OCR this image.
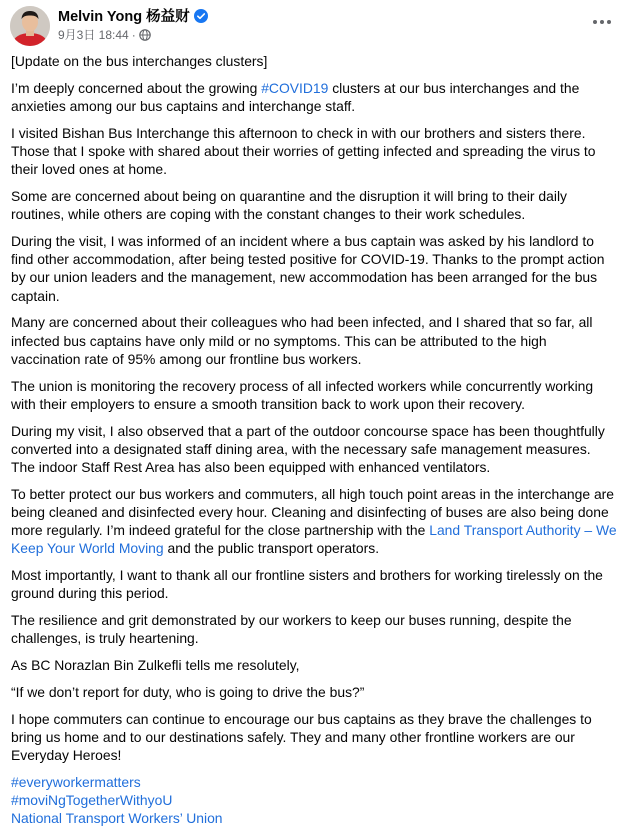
Melvin Yong 杨益财
9月3日 18:44 ·

[Update on the bus interchanges clusters]

I’m deeply concerned about the growing #COVID19 clusters at our bus interchanges and the anxieties among our bus captains and interchange staff.

I visited Bishan Bus Interchange this afternoon to check in with our brothers and sisters there. Those that I spoke with shared about their worries of getting infected and spreading the virus to their loved ones at home.

Some are concerned about being on quarantine and the disruption it will bring to their daily routines, while others are coping with the constant changes to their work schedules.

During the visit, I was informed of an incident where a bus captain was asked by his landlord to find other accommodation, after being tested positive for COVID-19. Thanks to the prompt action by our union leaders and the management, new accommodation has been arranged for the bus captain.

Many are concerned about their colleagues who had been infected, and I shared that so far, all infected bus captains have only mild or no symptoms. This can be attributed to the high vaccination rate of 95% among our frontline bus workers.

The union is monitoring the recovery process of all infected workers while concurrently working with their employers to ensure a smooth transition back to work upon their recovery.

During my visit, I also observed that a part of the outdoor concourse space has been thoughtfully converted into a designated staff dining area, with the necessary safe management measures. The indoor Staff Rest Area has also been equipped with enhanced ventilators.

To better protect our bus workers and commuters, all high touch point areas in the interchange are being cleaned and disinfected every hour. Cleaning and disinfecting of buses are also being done more regularly. I’m indeed grateful for the close partnership with the Land Transport Authority – We Keep Your World Moving and the public transport operators.

Most importantly, I want to thank all our frontline sisters and brothers for working tirelessly on the ground during this period.

The resilience and grit demonstrated by our workers to keep our buses running, despite the challenges, is truly heartening.

As BC Norazlan Bin Zulkefli tells me resolutely,

“If we don’t report for duty, who is going to drive the bus?”

I hope commuters can continue to encourage our bus captains as they brave the challenges to bring us home and to our destinations safely. They and many other frontline workers are our Everyday Heroes!

#everyworkermatters
#moviNgTogetherWithyoU
National Transport Workers’ Union
